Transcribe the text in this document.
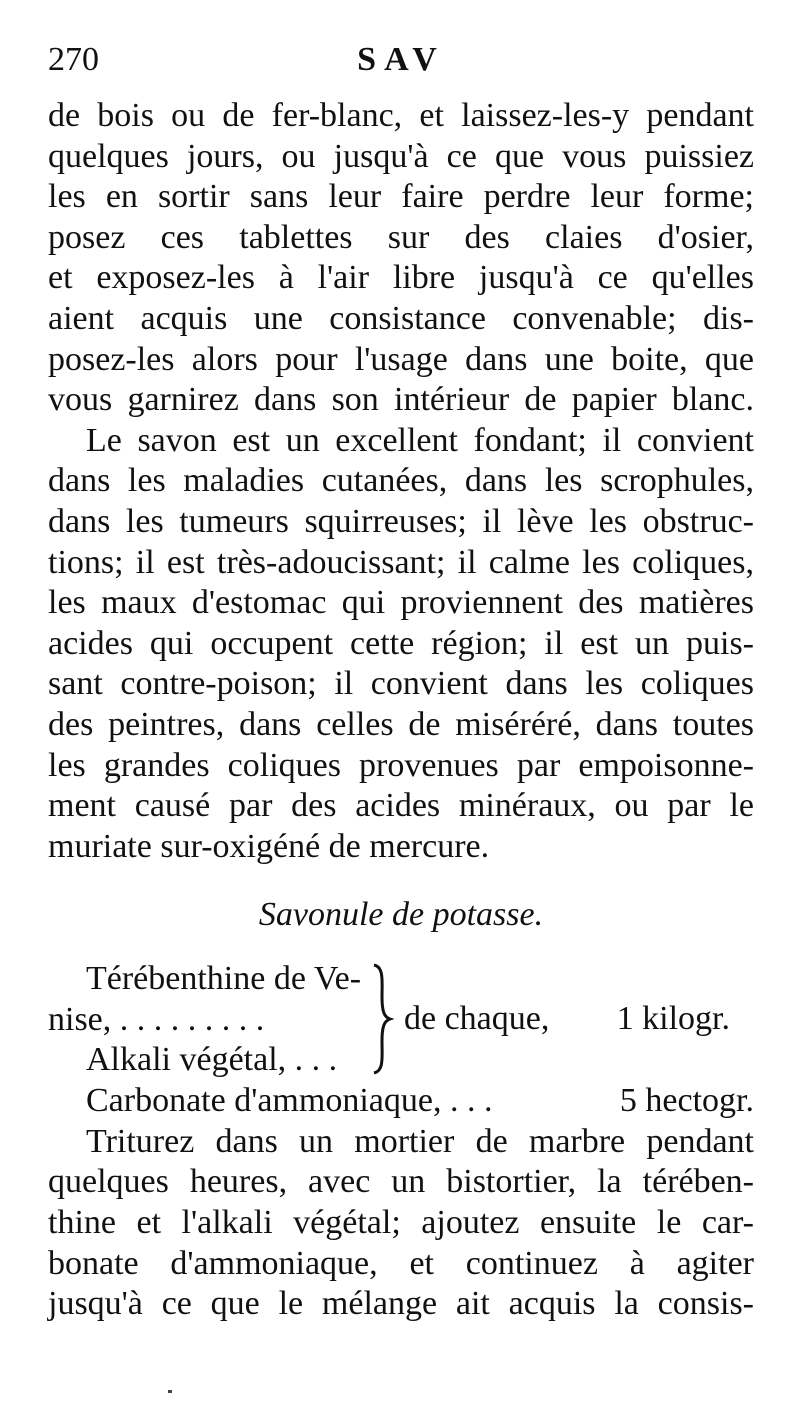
270	SAV
de bois ou de fer-blanc, et laissez-les-y pendant
quelques jours, ou jusqu'à ce que vous puissiez
les en sortir sans leur faire perdre leur forme;
posez ces tablettes sur des claies d'osier,
et exposez-les à l'air libre jusqu'à ce qu'elles
aient acquis une consistance convenable; dis-
posez-les alors pour l'usage dans une boite, que
vous garnirez dans son intérieur de papier blanc.
Le savon est un excellent fondant; il convient
dans les maladies cutanées, dans les scrophules,
dans les tumeurs squirreuses; il lève les obstruc-
tions; il est très-adoucissant; il calme les coliques,
les maux d'estomac qui proviennent des matières
acides qui occupent cette région; il est un puis-
sant contre-poison; il convient dans les coliques
des peintres, dans celles de miséréré, dans toutes
les grandes coliques provenues par empoisonne-
ment causé par des acides minéraux, ou par le
muriate sur-oxigéné de mercure.
Savonule de potasse.
Térébenthine de Ve-
nise, . . . . . . . . .
Alkali végétal, . . .
de chaque, 1 kilogr.
Carbonate d'ammoniaque, . . .	5 hectogr.
Triturez dans un mortier de marbre pendant
quelques heures, avec un bistortier, la térében-
thine et l'alkali végétal; ajoutez ensuite le car-
bonate d'ammoniaque, et continuez à agiter
jusqu'à ce que le mélange ait acquis la consis-
